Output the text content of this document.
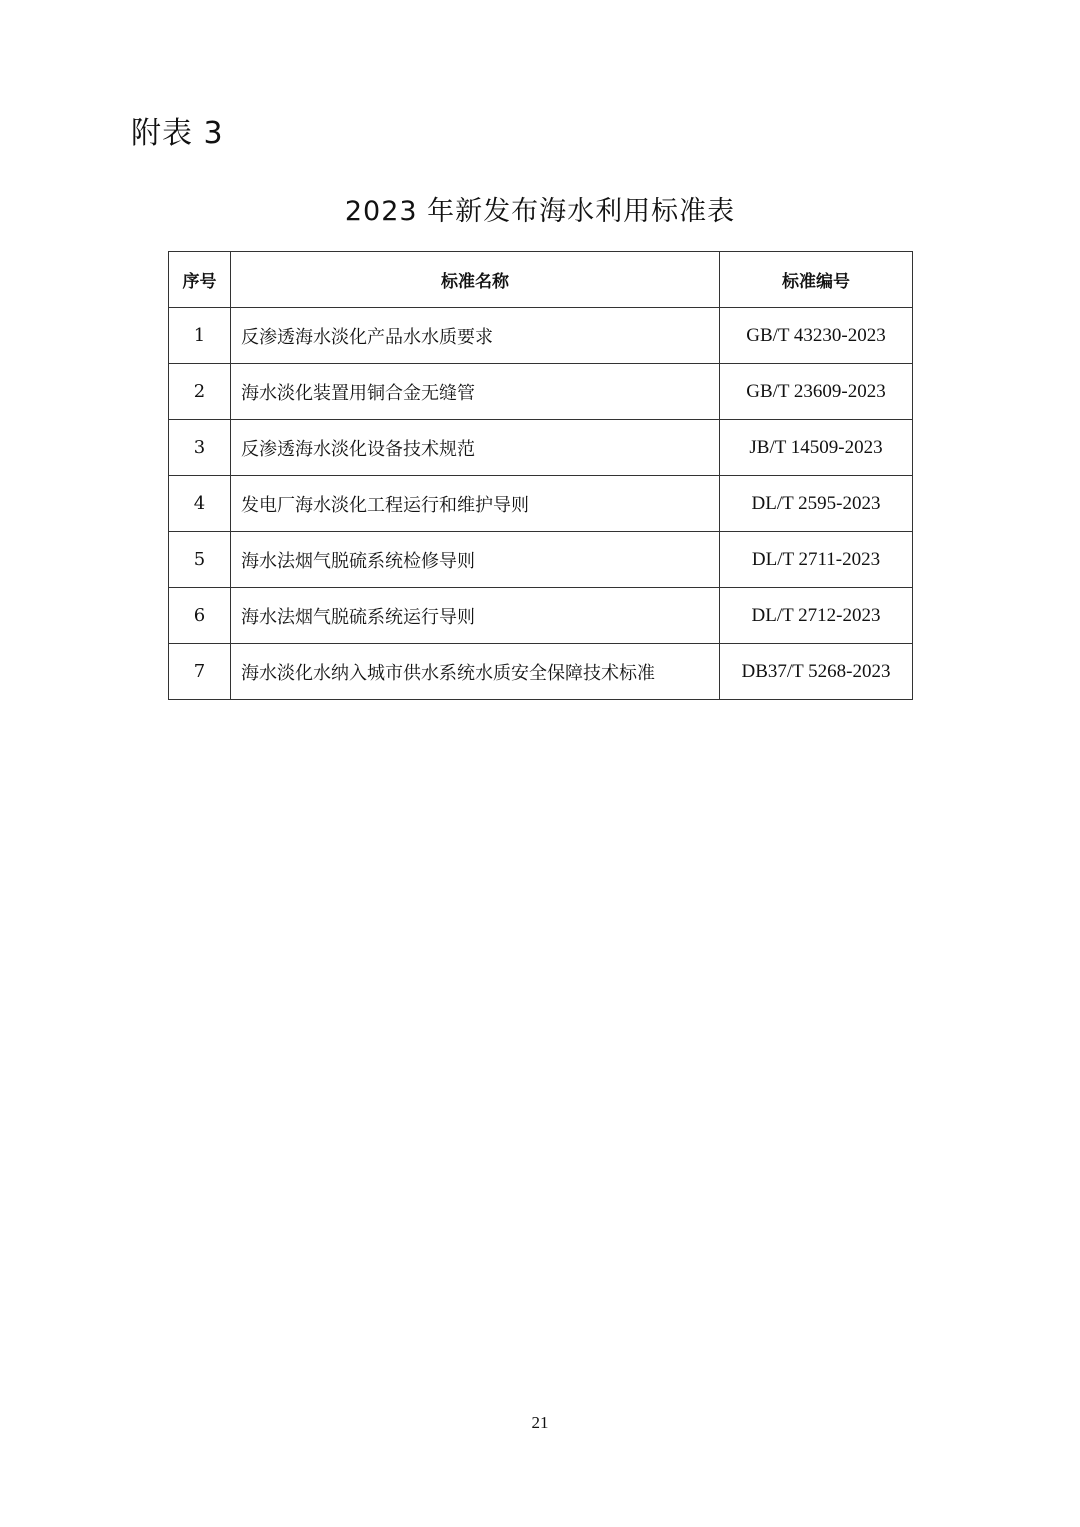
附表 3
2023 年新发布海水利用标准表
序号	标准名称	标准编号
1	反渗透海水淡化产品水水质要求	GB/T 43230-2023
2	海水淡化装置用铜合金无缝管	GB/T 23609-2023
3	反渗透海水淡化设备技术规范	JB/T 14509-2023
4	发电厂海水淡化工程运行和维护导则	DL/T 2595-2023
5	海水法烟气脱硫系统检修导则	DL/T 2711-2023
6	海水法烟气脱硫系统运行导则	DL/T 2712-2023
7	海水淡化水纳入城市供水系统水质安全保障技术标准	DB37/T 5268-2023
21
